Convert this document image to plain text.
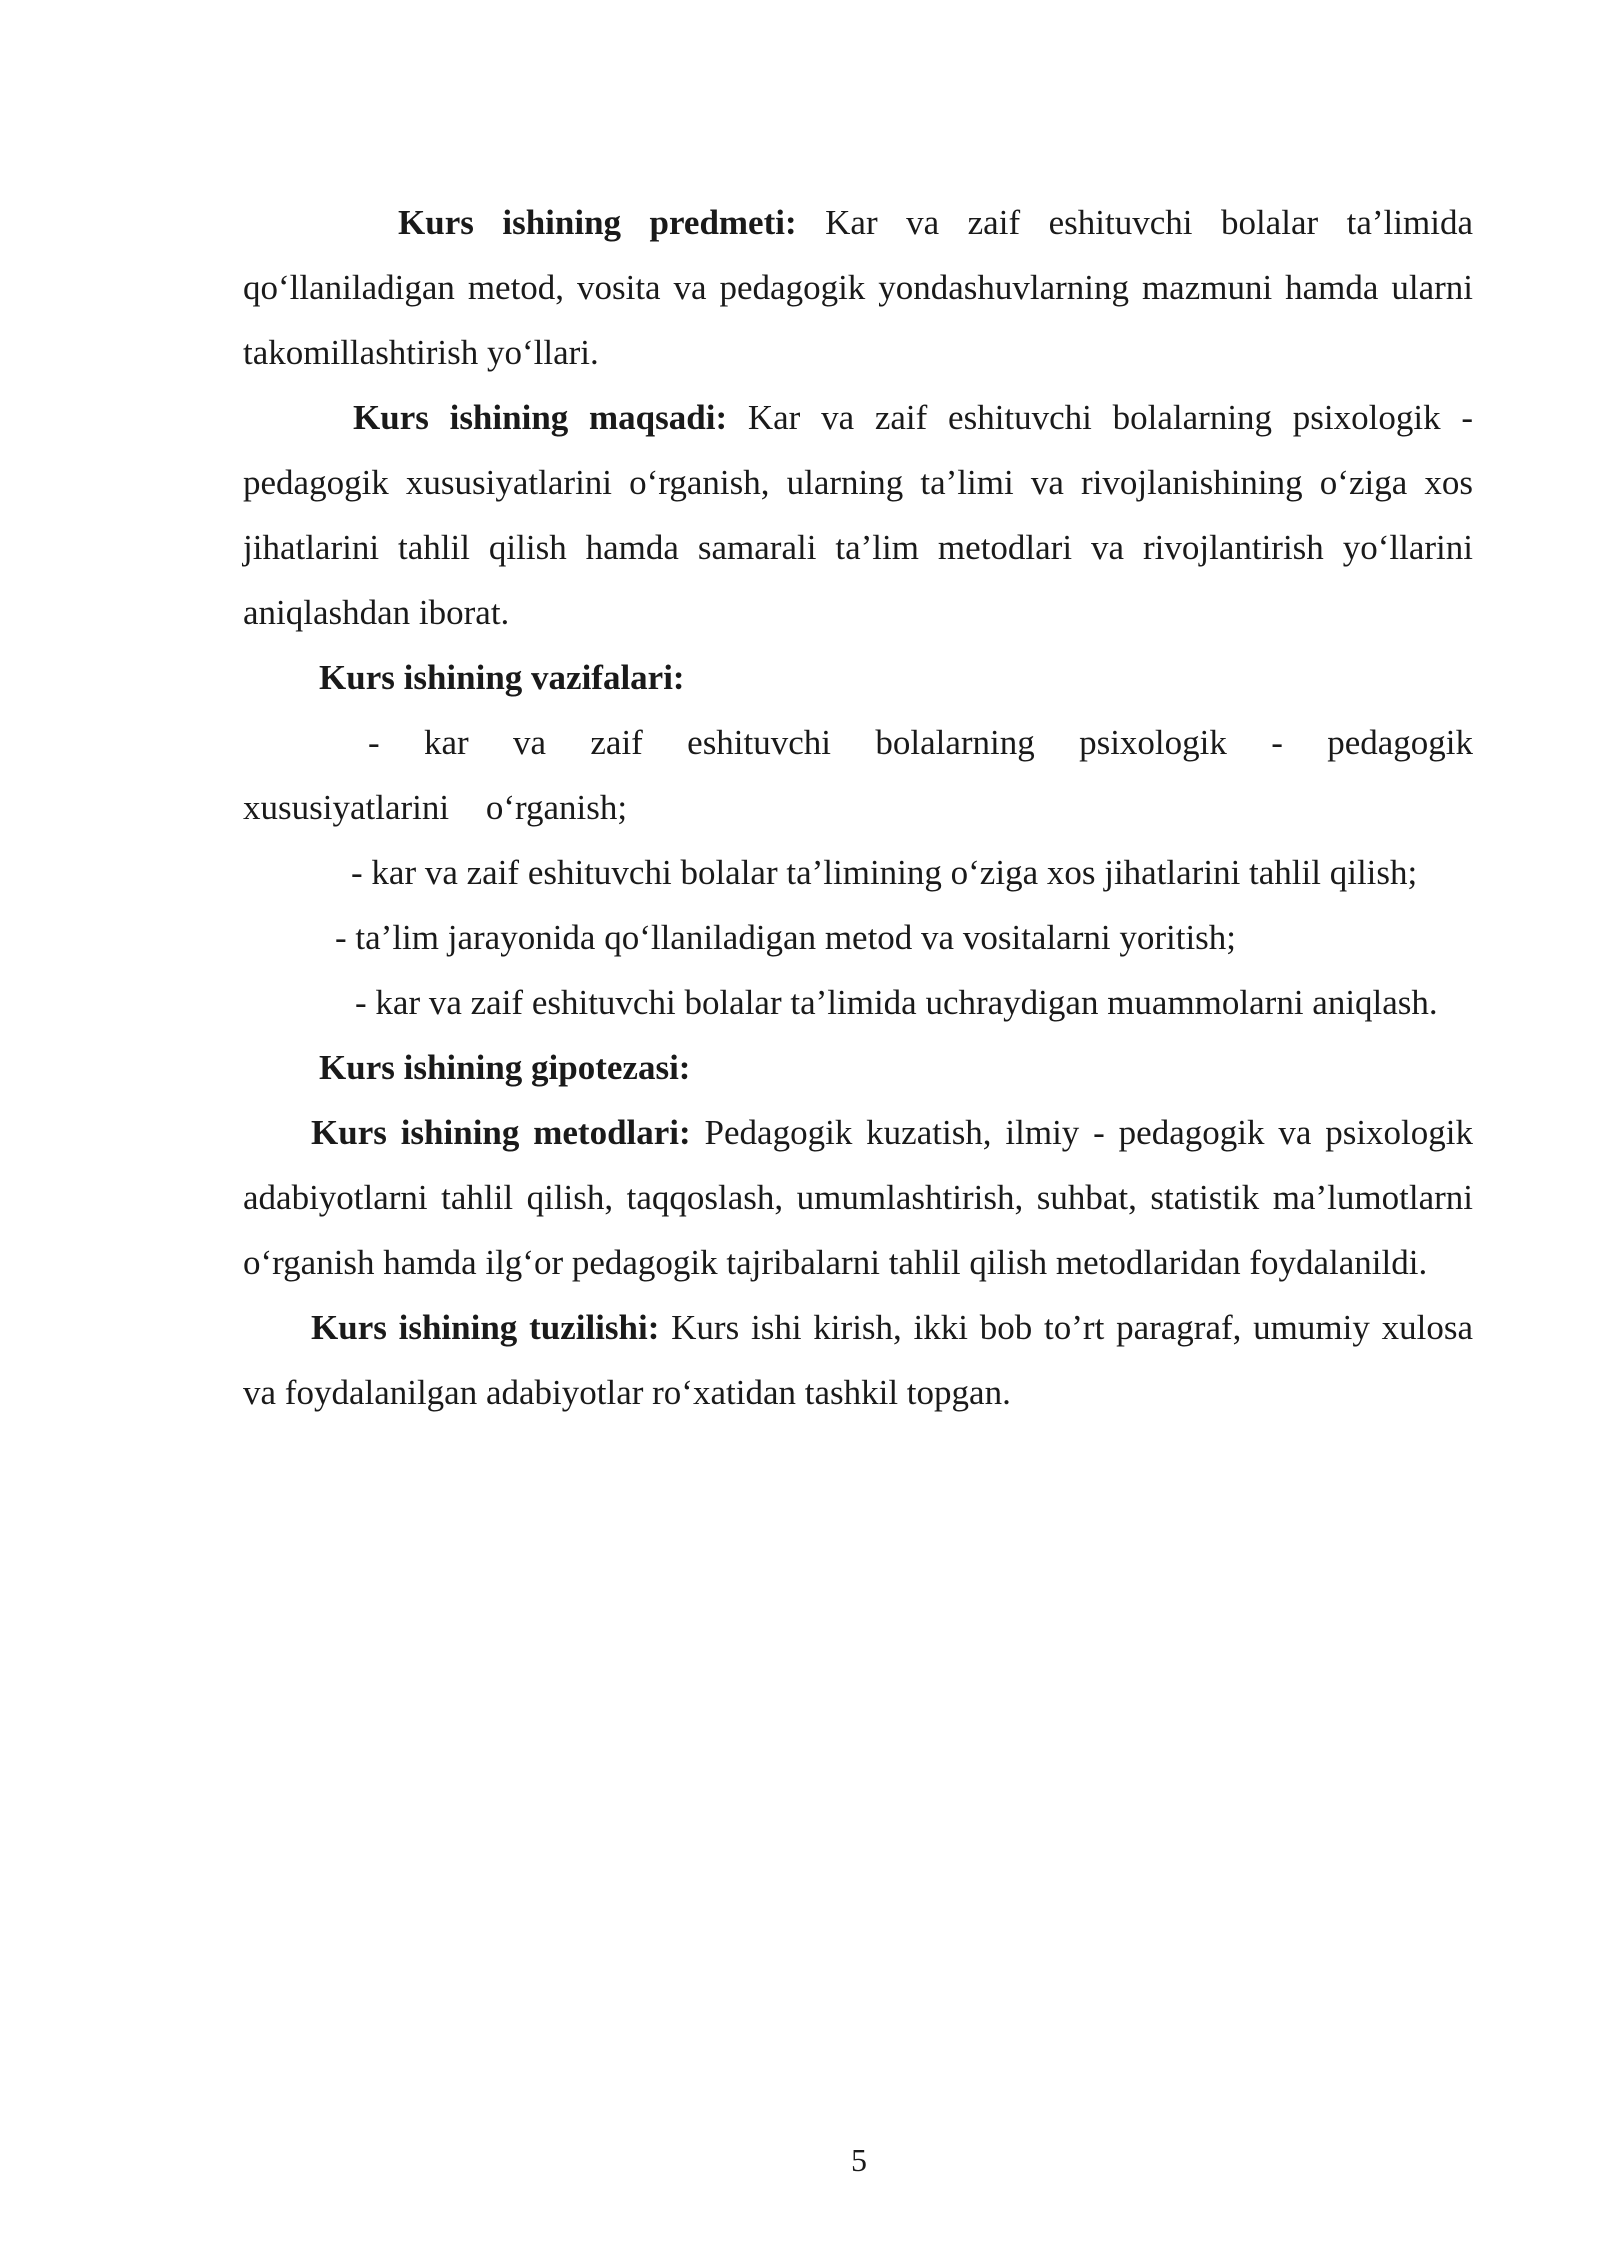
Kurs ishining predmeti: Kar va zaif eshituvchi bolalar ta’limida qo‘llaniladigan metod, vosita va pedagogik yondashuvlarning mazmuni hamda ularni takomillashtirish yo‘llari.

Kurs ishining maqsadi: Kar va zaif eshituvchi bolalarning psixologik - pedagogik xususiyatlarini o‘rganish, ularning ta’limi va rivojlanishining o‘ziga xos jihatlarini tahlil qilish hamda samarali ta’lim metodlari va rivojlantirish yo‘llarini aniqlashdan iborat.

Kurs ishining vazifalari:

- kar va zaif eshituvchi bolalarning psixologik - pedagogik xususiyatlarini o‘rganish;

- kar va zaif eshituvchi bolalar ta’limining o‘ziga xos jihatlarini tahlil qilish;

- ta’lim jarayonida qo‘llaniladigan metod va vositalarni yoritish;

- kar va zaif eshituvchi bolalar ta’limida uchraydigan muammolarni aniqlash.

Kurs ishining gipotezasi:

Kurs ishining metodlari: Pedagogik kuzatish, ilmiy - pedagogik va psixologik adabiyotlarni tahlil qilish, taqqoslash, umumlashtirish, suhbat, statistik ma’lumotlarni o‘rganish hamda ilg‘or pedagogik tajribalarni tahlil qilish metodlaridan foydalanildi.

Kurs ishining tuzilishi: Kurs ishi kirish, ikki bob to’rt paragraf, umumiy xulosa va foydalanilgan adabiyotlar ro‘xatidan tashkil topgan.

5
